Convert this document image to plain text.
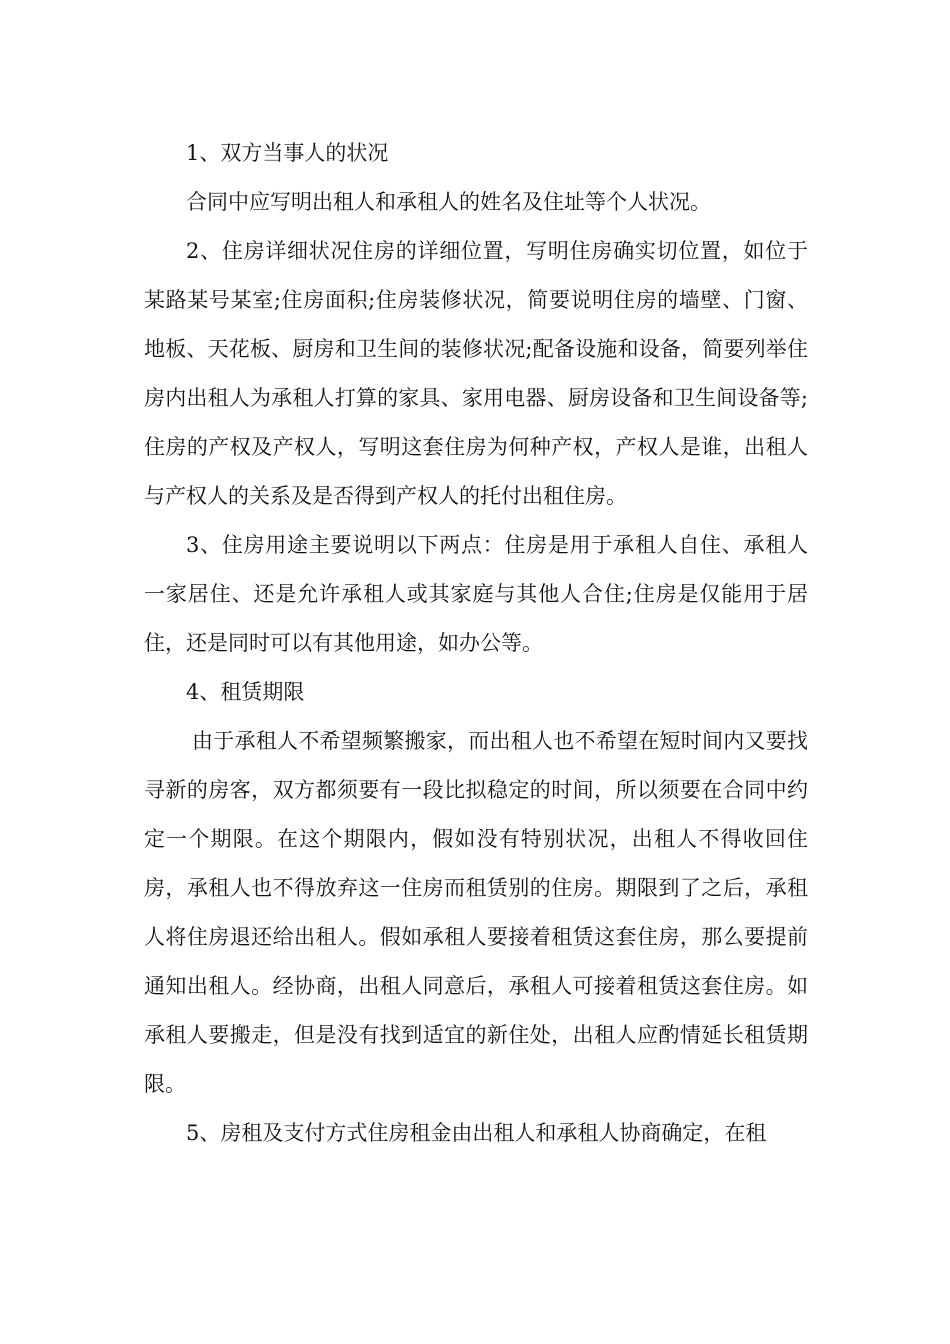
1、双方当事人的状况

合同中应写明出租人和承租人的姓名及住址等个人状况。

2、住房详细状况住房的详细位置，写明住房确实切位置，如位于某路某号某室;住房面积;住房装修状况，简要说明住房的墙壁、门窗、地板、天花板、厨房和卫生间的装修状况;配备设施和设备，简要列举住房内出租人为承租人打算的家具、家用电器、厨房设备和卫生间设备等;住房的产权及产权人，写明这套住房为何种产权，产权人是谁，出租人与产权人的关系及是否得到产权人的托付出租住房。

3、住房用途主要说明以下两点：住房是用于承租人自住、承租人一家居住、还是允许承租人或其家庭与其他人合住;住房是仅能用于居住，还是同时可以有其他用途，如办公等。

4、租赁期限

由于承租人不希望频繁搬家，而出租人也不希望在短时间内又要找寻新的房客，双方都须要有一段比拟稳定的时间，所以须要在合同中约定一个期限。在这个期限内，假如没有特别状况，出租人不得收回住房，承租人也不得放弃这一住房而租赁别的住房。期限到了之后，承租人将住房退还给出租人。假如承租人要接着租赁这套住房，那么要提前通知出租人。经协商，出租人同意后，承租人可接着租赁这套住房。如承租人要搬走，但是没有找到适宜的新住处，出租人应酌情延长租赁期限。

5、房租及支付方式住房租金由出租人和承租人协商确定，在租
